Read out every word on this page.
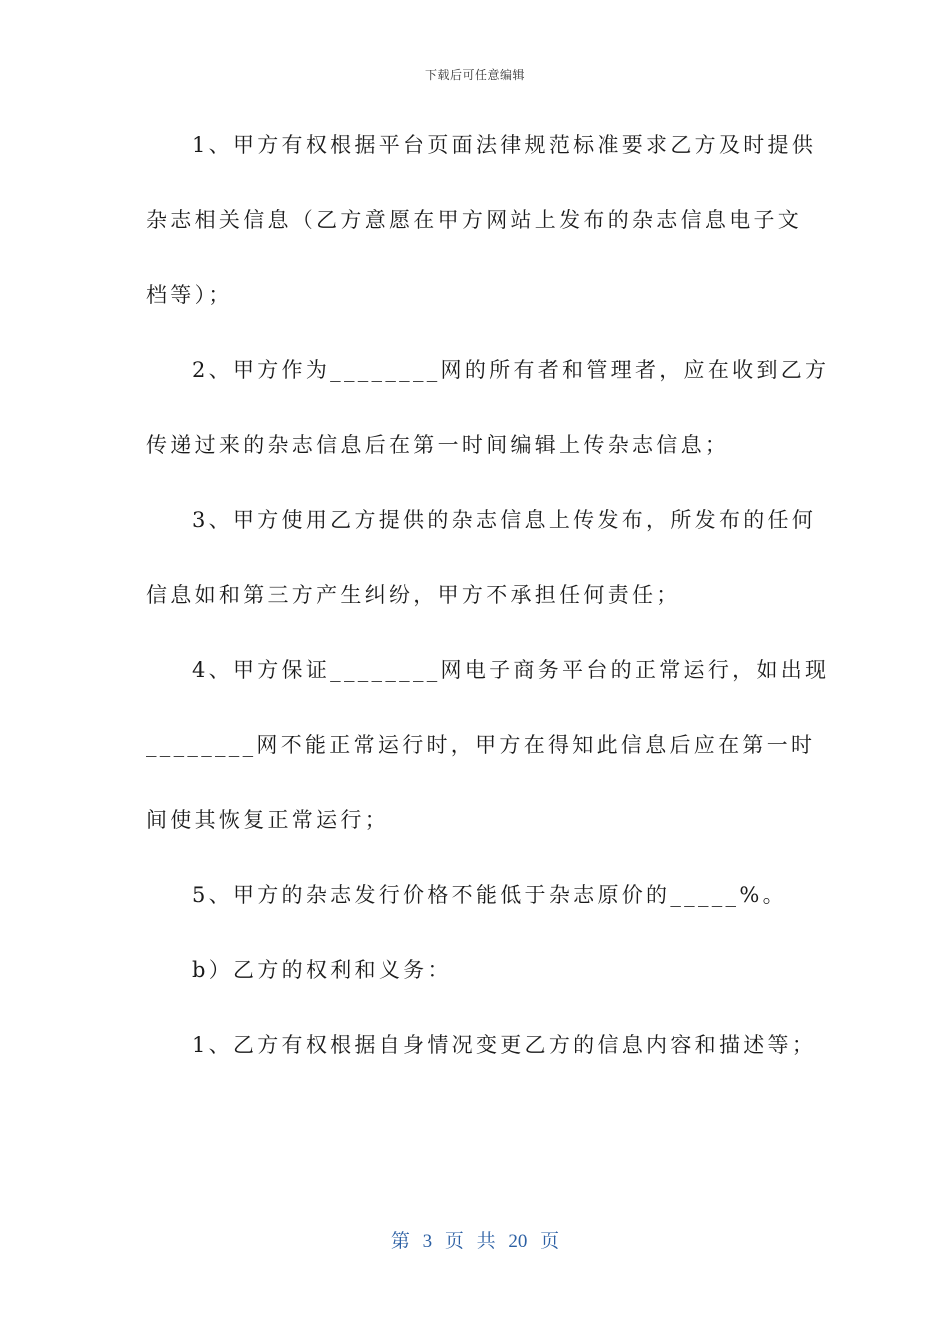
下载后可任意编辑
1、甲方有权根据平台页面法律规范标准要求乙方及时提供
杂志相关信息（乙方意愿在甲方网站上发布的杂志信息电子文
档等）；
2、甲方作为________网的所有者和管理者，应在收到乙方
传递过来的杂志信息后在第一时间编辑上传杂志信息；
3、甲方使用乙方提供的杂志信息上传发布，所发布的任何
信息如和第三方产生纠纷，甲方不承担任何责任；
4、甲方保证________网电子商务平台的正常运行，如出现
________网不能正常运行时，甲方在得知此信息后应在第一时
间使其恢复正常运行；
5、甲方的杂志发行价格不能低于杂志原价的_____%。
b）乙方的权利和义务：
1、乙方有权根据自身情况变更乙方的信息内容和描述等；
第 3 页 共 20 页
